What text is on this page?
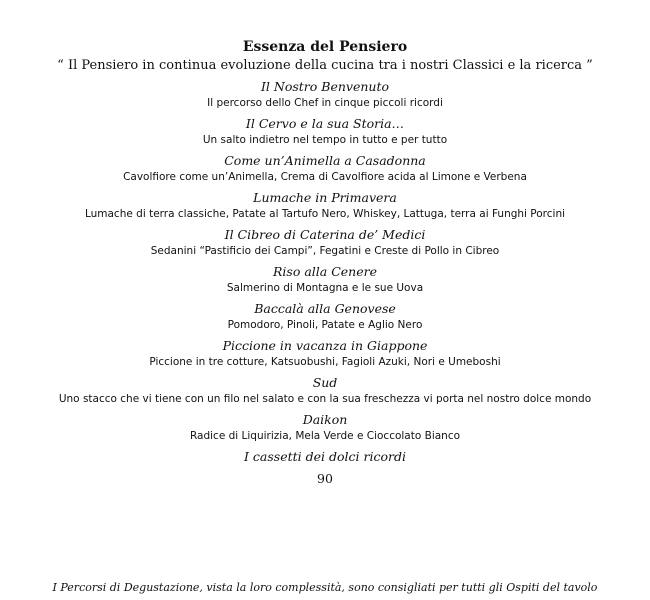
Essenza del Pensiero
“ Il Pensiero in continua evoluzione della cucina tra i nostri Classici e la ricerca ”
Il Nostro Benvenuto
Il percorso dello Chef in cinque piccoli ricordi
Il Cervo e la sua Storia…
Un salto indietro nel tempo in tutto e per tutto
Come un’Animella a Casadonna
Cavolfiore come un’Animella, Crema di Cavolfiore acida al Limone e Verbena
Lumache in Primavera
Lumache di terra classiche, Patate al Tartufo Nero, Whiskey, Lattuga, terra ai Funghi Porcini
Il Cibreo di Caterina de’ Medici
Sedanini “Pastificio dei Campi”, Fegatini e Creste di Pollo in Cibreo
Riso alla Cenere
Salmerino di Montagna e le sue Uova
Baccalà alla Genovese
Pomodoro, Pinoli, Patate e Aglio Nero
Piccione in vacanza in Giappone
Piccione in tre cotture, Katsuobushi, Fagioli Azuki, Nori e Umeboshi
Sud
Uno stacco che vi tiene con un filo nel salato e con la sua freschezza vi porta nel nostro dolce mondo
Daikon
Radice di Liquirizia, Mela Verde e Cioccolato Bianco
I cassetti dei dolci ricordi
90
I Percorsi di Degustazione, vista la loro complessità, sono consigliati per tutti gli Ospiti del tavolo
